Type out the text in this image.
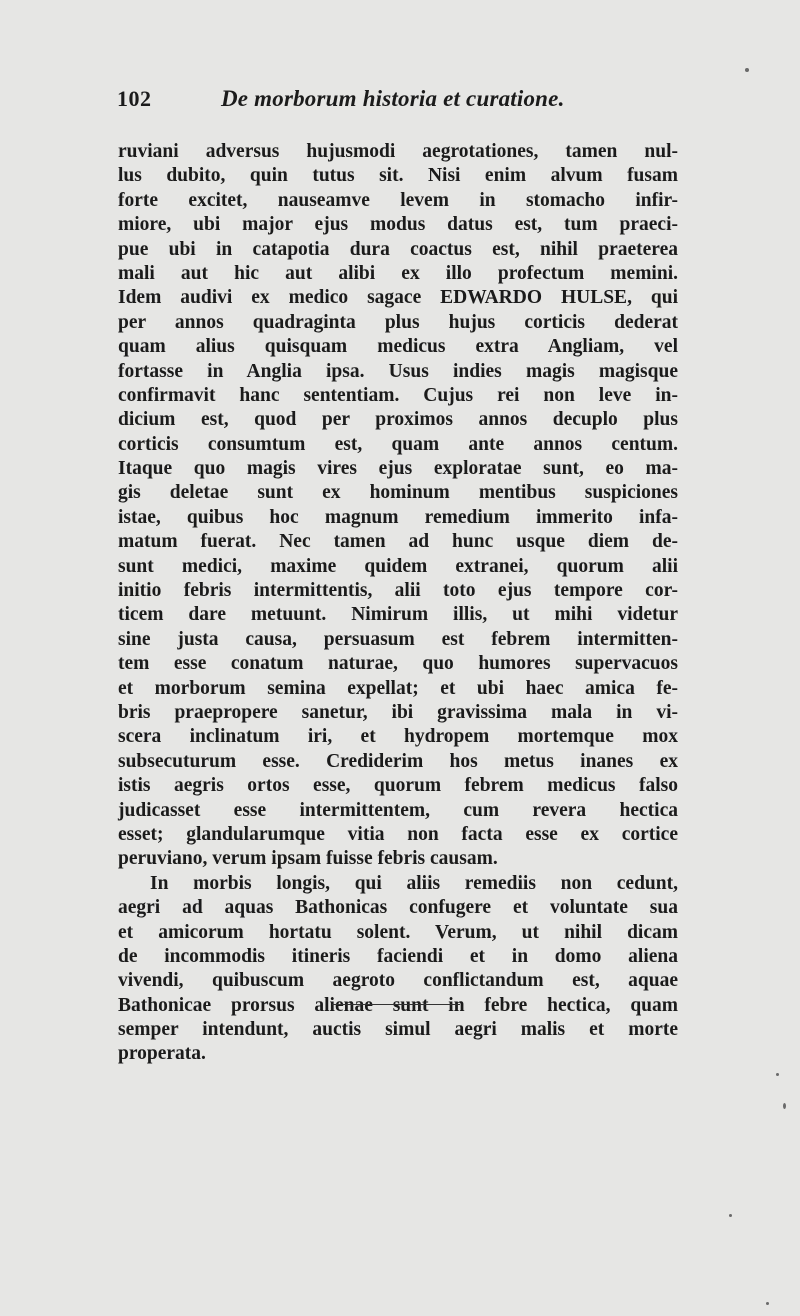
102	De morborum historia et curatione.
ruviani adversus hujusmodi aegrotationes, tamen nul-
lus dubito, quin tutus sit. Nisi enim alvum fusam
forte excitet, nauseamve levem in stomacho infir-
miore, ubi major ejus modus datus est, tum praeci-
pue ubi in catapotia dura coactus est, nihil praeterea
mali aut hic aut alibi ex illo profectum memini.
Idem audivi ex medico sagace EDWARDO HULSE, qui
per annos quadraginta plus hujus corticis dederat
quam alius quisquam medicus extra Angliam, vel
fortasse in Anglia ipsa. Usus indies magis magisque
confirmavit hanc sententiam. Cujus rei non leve in-
dicium est, quod per proximos annos decuplo plus
corticis consumtum est, quam ante annos centum.
Itaque quo magis vires ejus exploratae sunt, eo ma-
gis deletae sunt ex hominum mentibus suspiciones
istae, quibus hoc magnum remedium immerito infa-
matum fuerat. Nec tamen ad hunc usque diem de-
sunt medici, maxime quidem extranei, quorum alii
initio febris intermittentis, alii toto ejus tempore cor-
ticem dare metuunt. Nimirum illis, ut mihi videtur
sine justa causa, persuasum est febrem intermitten-
tem esse conatum naturae, quo humores supervacuos
et morborum semina expellat; et ubi haec amica fe-
bris praepropere sanetur, ibi gravissima mala in vi-
scera inclinatum iri, et hydropem mortemque mox
subsecuturum esse. Crediderim hos metus inanes ex
istis aegris ortos esse, quorum febrem medicus falso
judicasset esse intermittentem, cum revera hectica
esset; glandularumque vitia non facta esse ex cortice
peruviano, verum ipsam fuisse febris causam.
In morbis longis, qui aliis remediis non cedunt,
aegri ad aquas Bathonicas confugere et voluntate sua
et amicorum hortatu solent. Verum, ut nihil dicam
de incommodis itineris faciendi et in domo aliena
vivendi, quibuscum aegroto conflictandum est, aquae
Bathonicae prorsus alienae sunt in febre hectica, quam
semper intendunt, auctis simul aegri malis et morte
properata.
